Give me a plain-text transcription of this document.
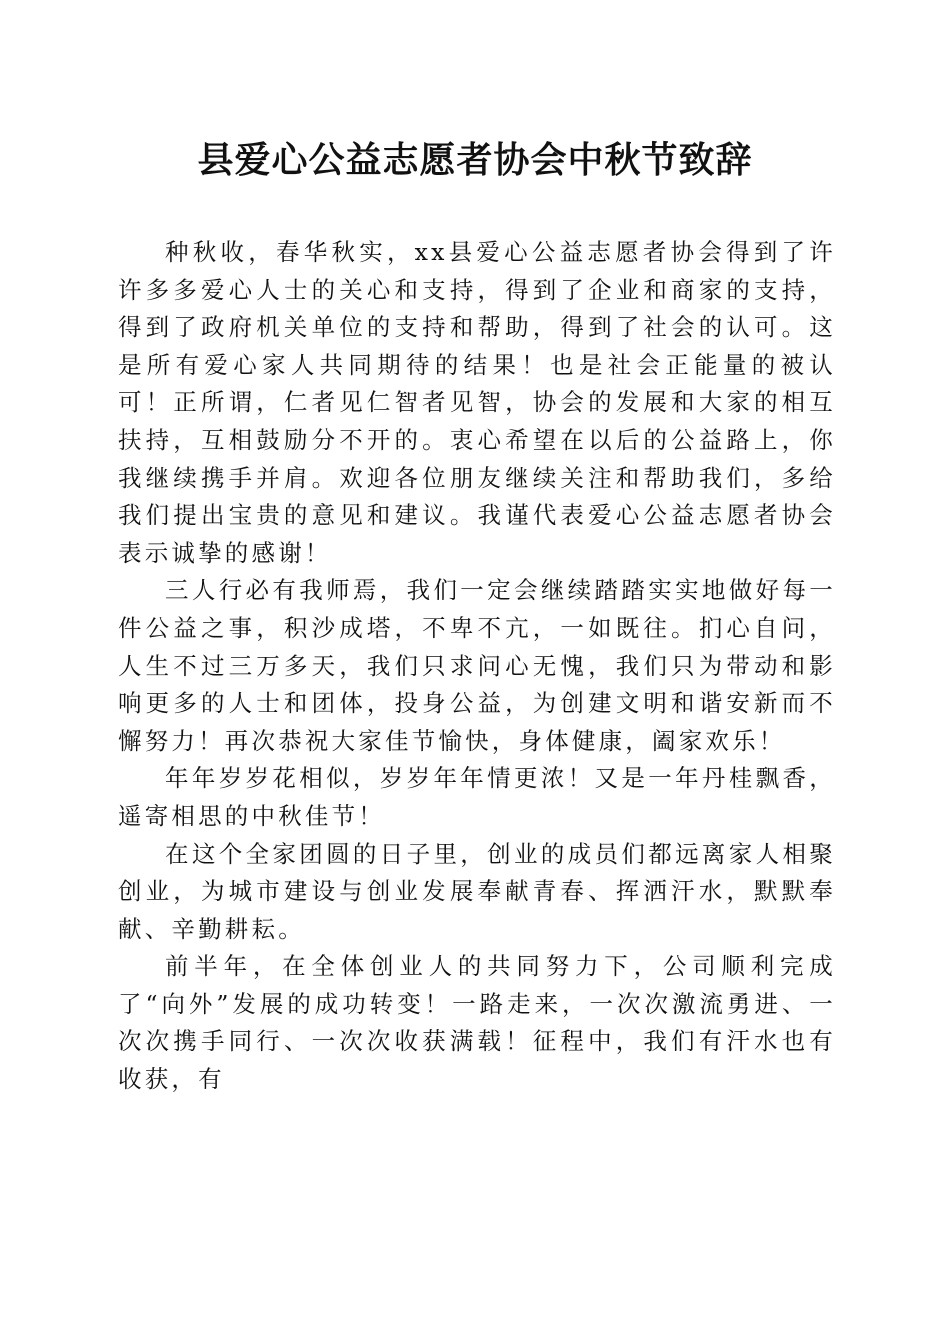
县爱心公益志愿者协会中秋节致辞

种秋收，春华秋实，xx县爱心公益志愿者协会得到了许许多多爱心人士的关心和支持，得到了企业和商家的支持，得到了政府机关单位的支持和帮助，得到了社会的认可。这是所有爱心家人共同期待的结果！也是社会正能量的被认可！正所谓，仁者见仁智者见智，协会的发展和大家的相互扶持，互相鼓励分不开的。衷心希望在以后的公益路上，你我继续携手并肩。欢迎各位朋友继续关注和帮助我们，多给我们提出宝贵的意见和建议。我谨代表爱心公益志愿者协会表示诚挚的感谢！

三人行必有我师焉，我们一定会继续踏踏实实地做好每一件公益之事，积沙成塔，不卑不亢，一如既往。扪心自问，人生不过三万多天，我们只求问心无愧，我们只为带动和影响更多的人士和团体，投身公益，为创建文明和谐安新而不懈努力！再次恭祝大家佳节愉快，身体健康，阖家欢乐！

年年岁岁花相似，岁岁年年情更浓！又是一年丹桂飘香，遥寄相思的中秋佳节！

在这个全家团圆的日子里，创业的成员们都远离家人相聚创业，为城市建设与创业发展奉献青春、挥洒汗水，默默奉献、辛勤耕耘。

前半年，在全体创业人的共同努力下，公司顺利完成了“向外”发展的成功转变！一路走来，一次次激流勇进、一次次携手同行、一次次收获满载！征程中，我们有汗水也有收获，有
